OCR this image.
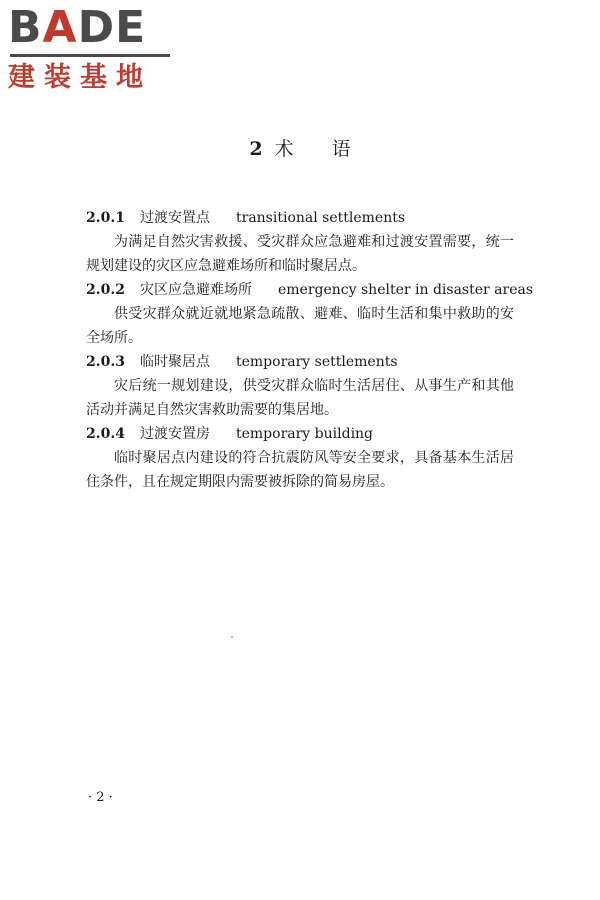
BADE
建装基地
2 术语
2.0.1 过渡安置点 transitional settlements

为满足自然灾害救援、受灾群众应急避难和过渡安置需要，统一规划建设的灾区应急避难场所和临时聚居点。

2.0.2 灾区应急避难场所 emergency shelter in disaster areas

供受灾群众就近就地紧急疏散、避难、临时生活和集中救助的安全场所。

2.0.3 临时聚居点 temporary settlements

灾后统一规划建设，供受灾群众临时生活居住、从事生产和其他活动并满足自然灾害救助需要的集居地。

2.0.4 过渡安置房 temporary building

临时聚居点内建设的符合抗震防风等安全要求，具备基本生活居住条件，且在规定期限内需要被拆除的简易房屋。

· 2 ·
